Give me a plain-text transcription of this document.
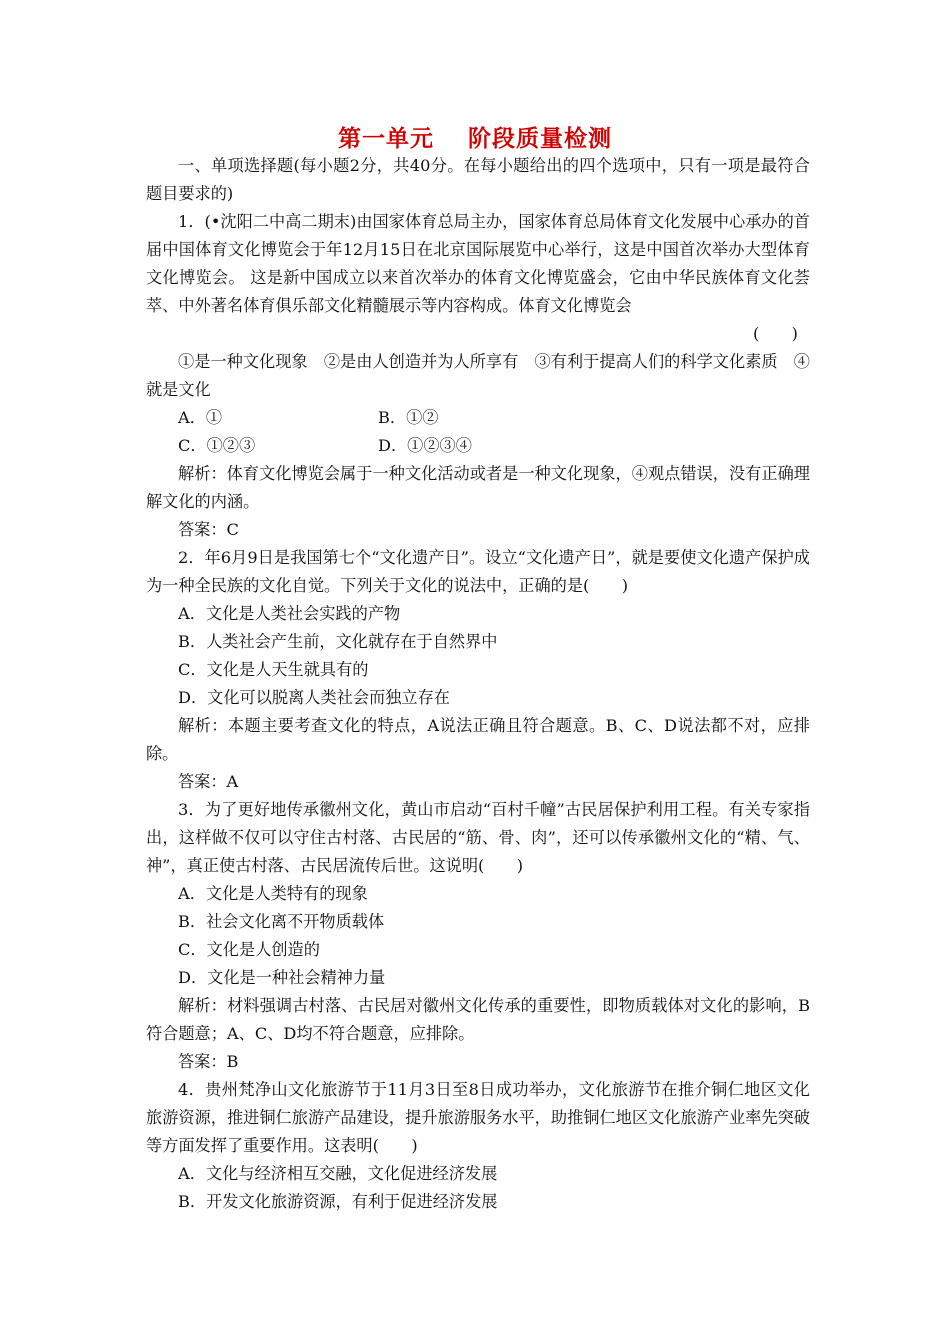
第一单元 阶段质量检测

一、单项选择题(每小题2分，共40分。在每小题给出的四个选项中，只有一项是最符合题目要求的)

1．(•沈阳二中高二期末)由国家体育总局主办，国家体育总局体育文化发展中心承办的首届中国体育文化博览会于年12月15日在北京国际展览中心举行，这是中国首次举办大型体育文化博览会。 这是新中国成立以来首次举办的体育文化博览盛会，它由中华民族体育文化荟萃、中外著名体育俱乐部文化精髓展示等内容构成。体育文化博览会

(　　)

①是一种文化现象　②是由人创造并为人所享有　③有利于提高人们的科学文化素质　④就是文化

A．①	B．①②
C．①②③	D．①②③④

解析：体育文化博览会属于一种文化活动或者是一种文化现象，④观点错误，没有正确理解文化的内涵。

答案：C

2．年6月9日是我国第七个“文化遗产日”。设立“文化遗产日”，就是要使文化遗产保护成为一种全民族的文化自觉。下列关于文化的说法中，正确的是(　　)

A．文化是人类社会实践的产物

B．人类社会产生前，文化就存在于自然界中

C．文化是人天生就具有的

D．文化可以脱离人类社会而独立存在

解析：本题主要考查文化的特点，A说法正确且符合题意。B、C、D说法都不对，应排除。

答案：A

3．为了更好地传承徽州文化，黄山市启动“百村千幢”古民居保护利用工程。有关专家指出，这样做不仅可以守住古村落、古民居的“筋、骨、肉”，还可以传承徽州文化的“精、气、神”，真正使古村落、古民居流传后世。这说明(　　)

A．文化是人类特有的现象

B．社会文化离不开物质载体

C．文化是人创造的

D．文化是一种社会精神力量

解析：材料强调古村落、古民居对徽州文化传承的重要性，即物质载体对文化的影响，B符合题意；A、C、D均不符合题意，应排除。

答案：B

4．贵州梵净山文化旅游节于11月3日至8日成功举办，文化旅游节在推介铜仁地区文化旅游资源，推进铜仁旅游产品建设，提升旅游服务水平，助推铜仁地区文化旅游产业率先突破等方面发挥了重要作用。这表明(　　)

A．文化与经济相互交融，文化促进经济发展

B．开发文化旅游资源，有利于促进经济发展
